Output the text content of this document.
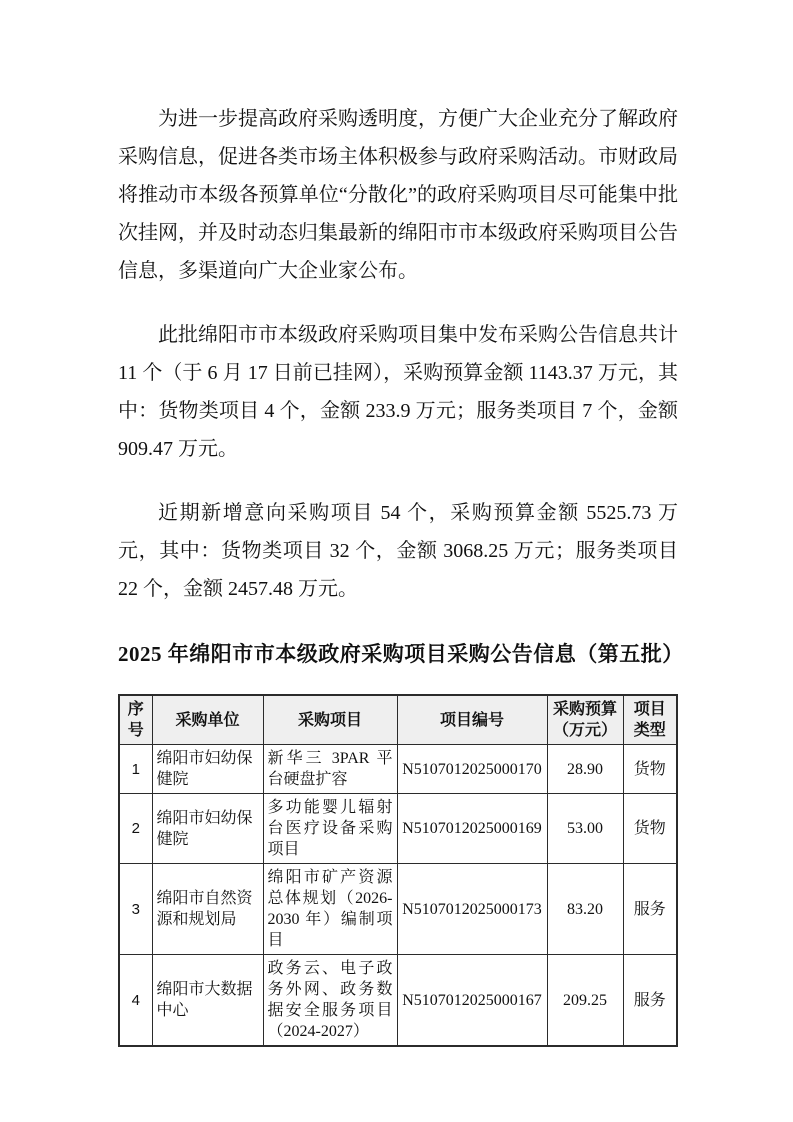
为进一步提高政府采购透明度，方便广大企业充分了解政府采购信息，促进各类市场主体积极参与政府采购活动。市财政局将推动市本级各预算单位“分散化”的政府采购项目尽可能集中批次挂网，并及时动态归集最新的绵阳市市本级政府采购项目公告信息，多渠道向广大企业家公布。

此批绵阳市市本级政府采购项目集中发布采购公告信息共计 11 个（于 6 月 17 日前已挂网），采购预算金额 1143.37 万元，其中：货物类项目 4 个，金额 233.9 万元；服务类项目 7 个，金额 909.47 万元。

近期新增意向采购项目 54 个，采购预算金额 5525.73 万元，其中：货物类项目 32 个，金额 3068.25 万元；服务类项目 22 个，金额 2457.48 万元。

2025 年绵阳市市本级政府采购项目采购公告信息（第五批）
序号	采购单位	采购项目	项目编号	采购预算（万元）	项目类型
1	绵阳市妇幼保健院	新华三 3PAR 平台硬盘扩容	N5107012025000170	28.90	货物
2	绵阳市妇幼保健院	多功能婴儿辐射台医疗设备采购项目	N5107012025000169	53.00	货物
3	绵阳市自然资源和规划局	绵阳市矿产资源总体规划（2026-2030 年）编制项目	N5107012025000173	83.20	服务
4	绵阳市大数据中心	政务云、电子政务外网、政务数据安全服务项目（2024-2027）	N5107012025000167	209.25	服务
